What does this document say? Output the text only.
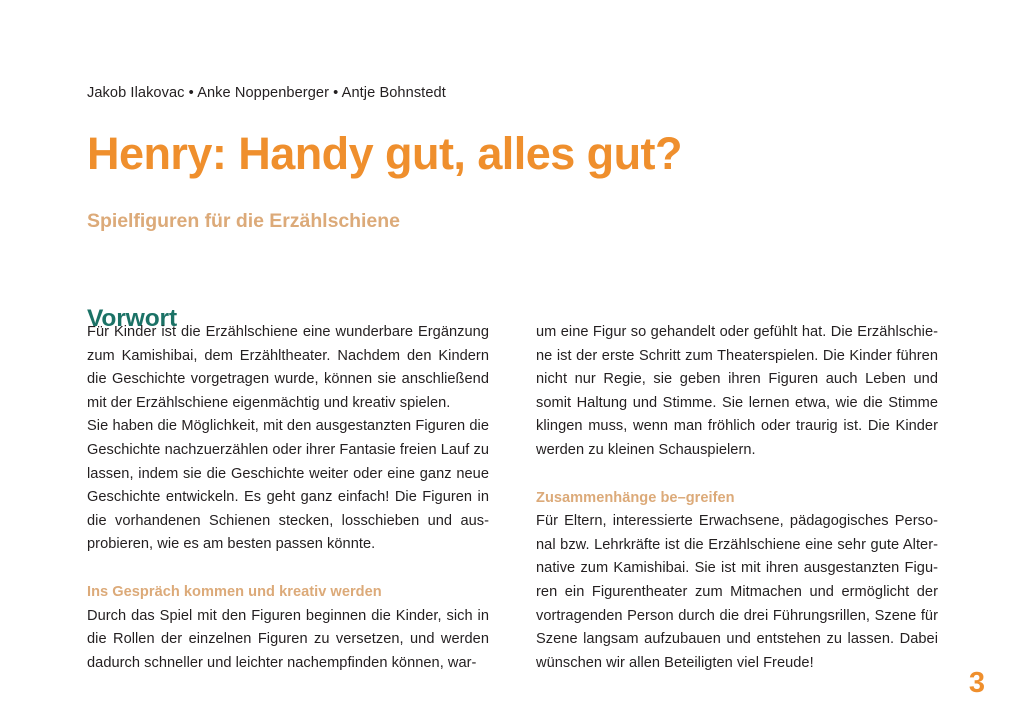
Jakob Ilakovac • Anke Noppenberger • Antje Bohnstedt
Henry: Handy gut, alles gut?
Spielfiguren für die Erzählschiene
Vorwort

Für Kinder ist die Erzählschiene eine wunderbare Ergänzung zum Kamishibai, dem Erzähltheater. Nachdem den Kindern die Geschichte vorgetragen wurde, können sie anschließend mit der Erzählschiene eigenmächtig und kreativ spielen.

Sie haben die Möglichkeit, mit den ausgestanzten Figuren die Geschichte nachzuerzählen oder ihrer Fantasie freien Lauf zu lassen, indem sie die Geschichte weiter oder eine ganz neue Geschichte entwickeln. Es geht ganz einfach! Die Figuren in die vorhandenen Schienen stecken, losschieben und ausprobieren, wie es am besten passen könnte.

Ins Gespräch kommen und kreativ werden

Durch das Spiel mit den Figuren beginnen die Kinder, sich in die Rollen der einzelnen Figuren zu versetzen, und werden dadurch schneller und leichter nachempfinden können, war-

um eine Figur so gehandelt oder gefühlt hat. Die Erzählschiene ist der erste Schritt zum Theaterspielen. Die Kinder führen nicht nur Regie, sie geben ihren Figuren auch Leben und somit Haltung und Stimme. Sie lernen etwa, wie die Stimme klingen muss, wenn man fröhlich oder traurig ist. Die Kinder werden zu kleinen Schauspielern.

Zusammenhänge be–greifen

Für Eltern, interessierte Erwachsene, pädagogisches Personal bzw. Lehrkräfte ist die Erzählschiene eine sehr gute Alternative zum Kamishibai. Sie ist mit ihren ausgestanzten Figuren ein Figurentheater zum Mitmachen und ermöglicht der vortragenden Person durch die drei Führungsrillen, Szene für Szene langsam aufzubauen und entstehen zu lassen. Dabei wünschen wir allen Beteiligten viel Freude!

3
